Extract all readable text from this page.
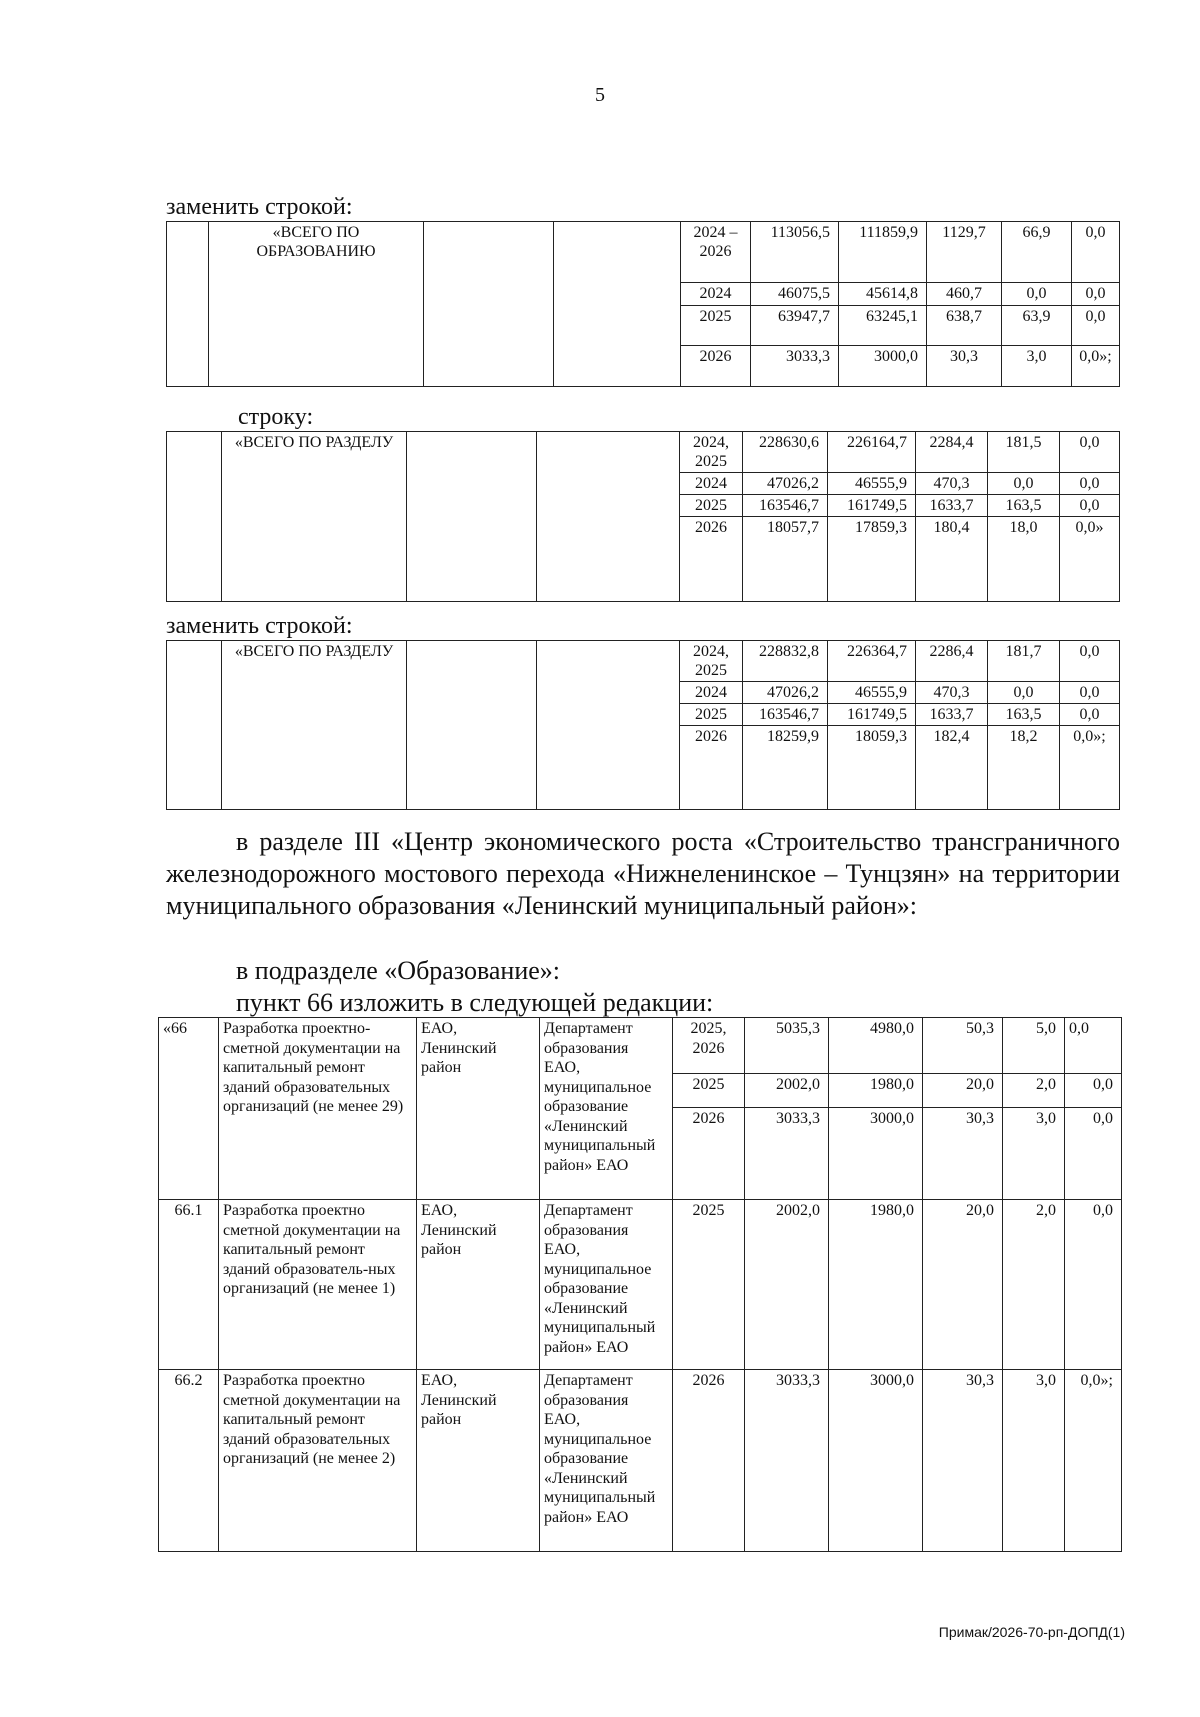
5
заменить строкой:
	«ВСЕГО ПО ОБРАЗОВАНИЮ			2024 – 2026	113056,5	111859,9	1129,7	66,9	0,0
				2024	46075,5	45614,8	460,7	0,0	0,0
				2025	63947,7	63245,1	638,7	63,9	0,0
				2026	3033,3	3000,0	30,3	3,0	0,0»;
строку:
	«ВСЕГО ПО РАЗДЕЛУ			2024, 2025	228630,6	226164,7	2284,4	181,5	0,0
				2024	47026,2	46555,9	470,3	0,0	0,0
				2025	163546,7	161749,5	1633,7	163,5	0,0
				2026	18057,7	17859,3	180,4	18,0	0,0»
заменить строкой:
	«ВСЕГО ПО РАЗДЕЛУ			2024, 2025	228832,8	226364,7	2286,4	181,7	0,0
				2024	47026,2	46555,9	470,3	0,0	0,0
				2025	163546,7	161749,5	1633,7	163,5	0,0
				2026	18259,9	18059,3	182,4	18,2	0,0»;
в разделе III «Центр экономического роста «Строительство трансграничного железнодорожного мостового перехода «Нижнеленинское – Тунцзян» на территории муниципального образования «Ленинский муниципальный район»:
в подразделе «Образование»:
пункт 66 изложить в следующей редакции:
«66	Разработка проектно-сметной документации на капитальный ремонт зданий образовательных организаций (не менее 29)	ЕАО, Ленинский район	Департамент образования ЕАО, муниципальное образование «Ленинский муниципальный район» ЕАО	2025, 2026	5035,3	4980,0	50,3	5,0	0,0
				2025	2002,0	1980,0	20,0	2,0	0,0
				2026	3033,3	3000,0	30,3	3,0	0,0
66.1	Разработка проектно сметной документации на капитальный ремонт зданий образователь-ных организаций (не менее 1)	ЕАО, Ленинский район	Департамент образования ЕАО, муниципальное образование «Ленинский муниципальный район» ЕАО	2025	2002,0	1980,0	20,0	2,0	0,0
66.2	Разработка проектно сметной документации на капитальный ремонт зданий образовательных организаций (не менее 2)	ЕАО, Ленинский район	Департамент образования ЕАО, муниципальное образование «Ленинский муниципальный район» ЕАО	2026	3033,3	3000,0	30,3	3,0	0,0»;
Примак/2026-70-рп-ДОПД(1)
